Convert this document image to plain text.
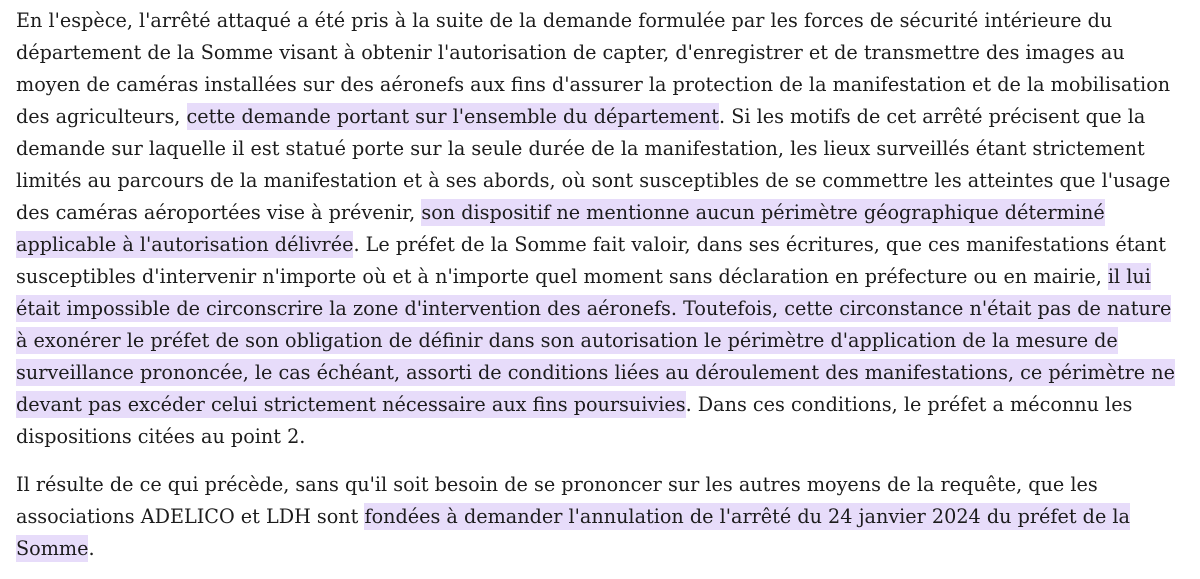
En l'espèce, l'arrêté attaqué a été pris à la suite de la demande formulée par les forces de sécurité intérieure du
département de la Somme visant à obtenir l'autorisation de capter, d'enregistrer et de transmettre des images au
moyen de caméras installées sur des aéronefs aux fins d'assurer la protection de la manifestation et de la mobilisation
des agriculteurs, cette demande portant sur l'ensemble du département. Si les motifs de cet arrêté précisent que la
demande sur laquelle il est statué porte sur la seule durée de la manifestation, les lieux surveillés étant strictement
limités au parcours de la manifestation et à ses abords, où sont susceptibles de se commettre les atteintes que l'usage
des caméras aéroportées vise à prévenir, son dispositif ne mentionne aucun périmètre géographique déterminé
applicable à l'autorisation délivrée. Le préfet de la Somme fait valoir, dans ses écritures, que ces manifestations étant
susceptibles d'intervenir n'importe où et à n'importe quel moment sans déclaration en préfecture ou en mairie, il lui
était impossible de circonscrire la zone d'intervention des aéronefs. Toutefois, cette circonstance n'était pas de nature
à exonérer le préfet de son obligation de définir dans son autorisation le périmètre d'application de la mesure de
surveillance prononcée, le cas échéant, assorti de conditions liées au déroulement des manifestations, ce périmètre ne
devant pas excéder celui strictement nécessaire aux fins poursuivies. Dans ces conditions, le préfet a méconnu les
dispositions citées au point 2.

Il résulte de ce qui précède, sans qu'il soit besoin de se prononcer sur les autres moyens de la requête, que les
associations ADELICO et LDH sont fondées à demander l'annulation de l'arrêté du 24 janvier 2024 du préfet de la
Somme.
